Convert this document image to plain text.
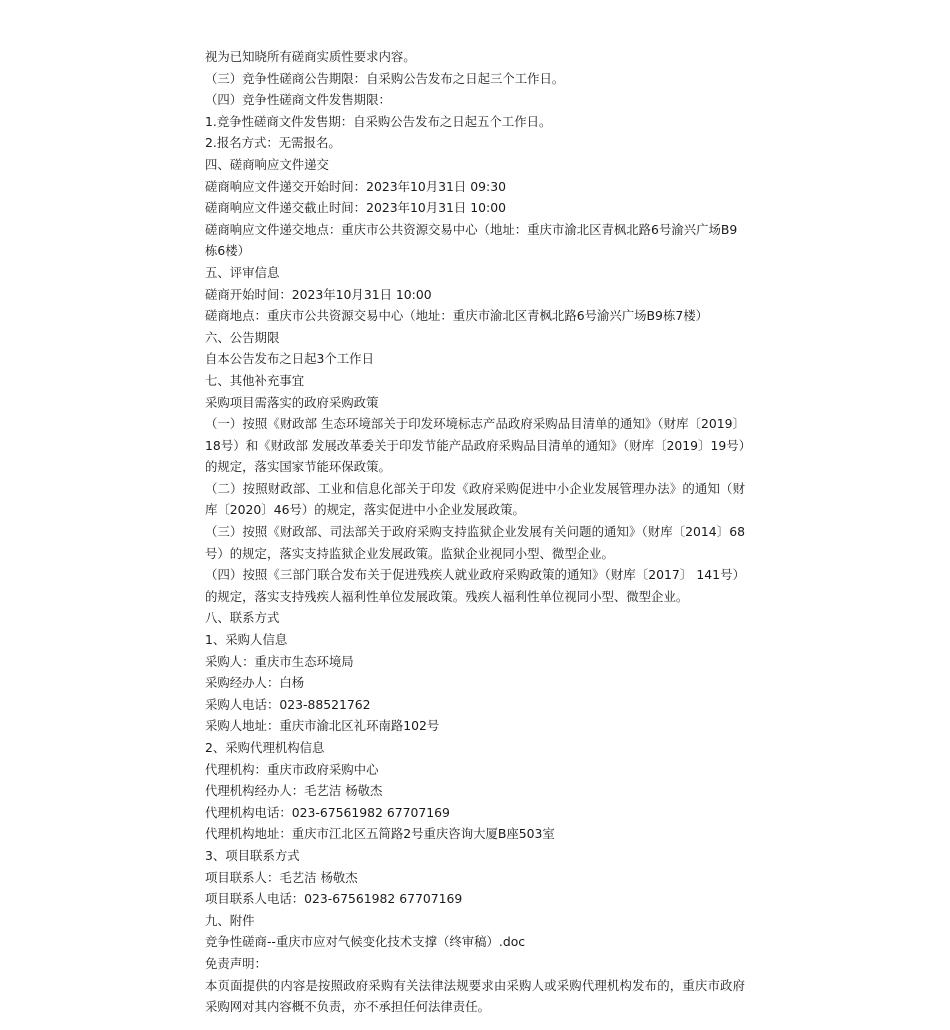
视为已知晓所有磋商实质性要求内容。
（三）竞争性磋商公告期限：自采购公告发布之日起三个工作日。
（四）竞争性磋商文件发售期限：
1.竞争性磋商文件发售期：自采购公告发布之日起五个工作日。
2.报名方式：无需报名。
四、磋商响应文件递交
磋商响应文件递交开始时间：2023年10月31日 09:30
磋商响应文件递交截止时间：2023年10月31日 10:00
磋商响应文件递交地点：重庆市公共资源交易中心（地址：重庆市渝北区青枫北路6号渝兴广场B9栋6楼）
五、评审信息
磋商开始时间：2023年10月31日 10:00
磋商地点：重庆市公共资源交易中心（地址：重庆市渝北区青枫北路6号渝兴广场B9栋7楼）
六、公告期限
自本公告发布之日起3个工作日
七、其他补充事宜
采购项目需落实的政府采购政策
（一）按照《财政部 生态环境部关于印发环境标志产品政府采购品目清单的通知》（财库〔2019〕18号）和《财政部 发展改革委关于印发节能产品政府采购品目清单的通知》（财库〔2019〕19号）的规定，落实国家节能环保政策。
（二）按照财政部、工业和信息化部关于印发《政府采购促进中小企业发展管理办法》的通知（财库〔2020〕46号）的规定，落实促进中小企业发展政策。
（三）按照《财政部、司法部关于政府采购支持监狱企业发展有关问题的通知》（财库〔2014〕68号）的规定，落实支持监狱企业发展政策。监狱企业视同小型、微型企业。
（四）按照《三部门联合发布关于促进残疾人就业政府采购政策的通知》（财库〔2017〕 141号）的规定，落实支持残疾人福利性单位发展政策。残疾人福利性单位视同小型、微型企业。
八、联系方式
1、采购人信息
采购人：重庆市生态环境局
采购经办人：白杨
采购人电话：023-88521762
采购人地址：重庆市渝北区礼环南路102号
2、采购代理机构信息
代理机构：重庆市政府采购中心
代理机构经办人：毛艺洁 杨敬杰
代理机构电话：023-67561982 67707169
代理机构地址：重庆市江北区五简路2号重庆咨询大厦B座503室
3、项目联系方式
项目联系人：毛艺洁 杨敬杰
项目联系人电话：023-67561982 67707169
九、附件
竞争性磋商--重庆市应对气候变化技术支撑（终审稿）.doc
免责声明：
本页面提供的内容是按照政府采购有关法律法规要求由采购人或采购代理机构发布的，重庆市政府采购网对其内容概不负责，亦不承担任何法律责任。
